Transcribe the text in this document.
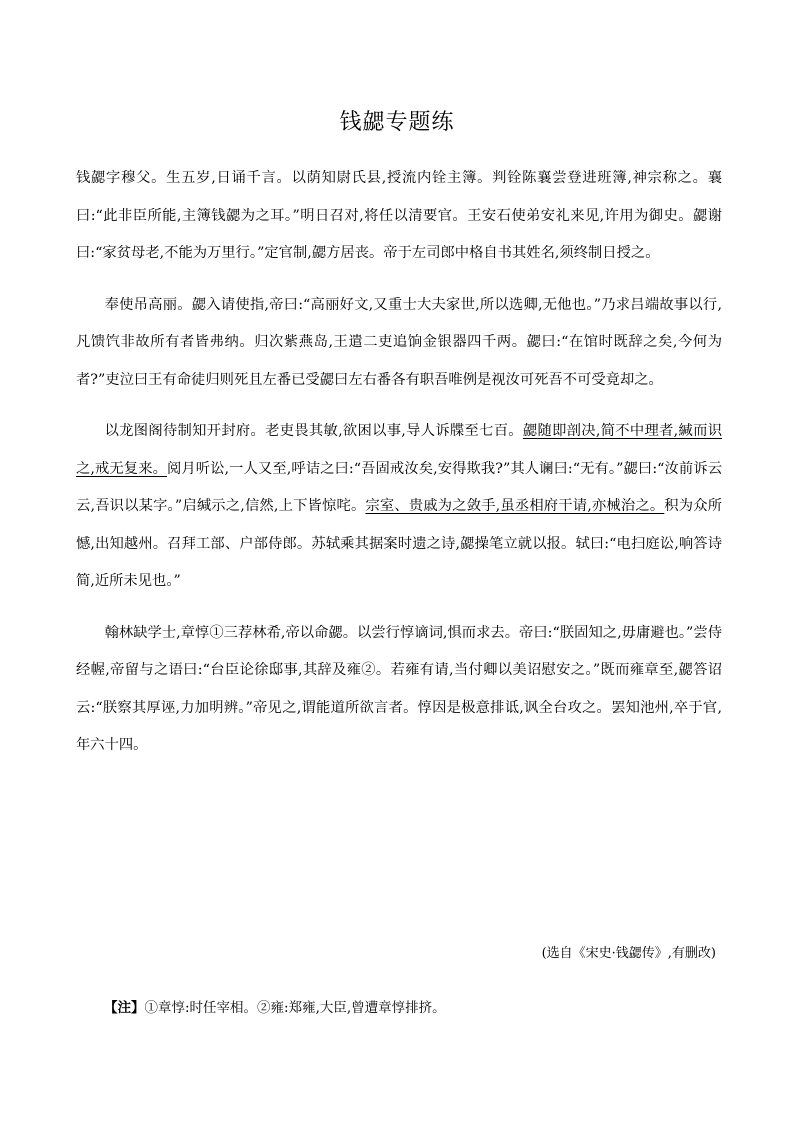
钱勰专题练

钱勰字穆父。生五岁,日诵千言。以荫知尉氏县,授流内铨主簿。判铨陈襄尝登进班簿,神宗称之。襄曰:“此非臣所能,主簿钱勰为之耳。”明日召对,将任以清要官。王安石使弟安礼来见,许用为御史。勰谢曰:“家贫母老,不能为万里行。”定官制,勰方居丧。帝于左司郎中格自书其姓名,须终制日授之。

奉使吊高丽。勰入请使指,帝曰:“高丽好文,又重士大夫家世,所以选卿,无他也。”乃求吕端故事以行,凡馈饩非故所有者皆弗纳。归次紫燕岛,王遣二吏追饷金银器四千两。勰曰:“在馆时既辞之矣,今何为者?”吏泣曰王有命徒归则死且左番已受勰曰左右番各有职吾唯例是视汝可死吾不可受竟却之。

以龙图阁待制知开封府。老吏畏其敏,欲困以事,导人诉牒至七百。勰随即剖决,简不中理者,緘而识之,戒无复来。阅月听讼,一人又至,呼诘之曰:“吾固戒汝矣,安得欺我?”其人谰曰:“无有。”勰曰:“汝前诉云云,吾识以某字。”启缄示之,信然,上下皆惊咤。宗室、贵戚为之敛手,虽丞相府干请,亦械治之。积为众所憾,出知越州。召拜工部、户部侍郎。苏轼乘其据案时遗之诗,勰操笔立就以报。轼曰:“电扫庭讼,响答诗简,近所未见也。”

翰林缺学士,章惇①三荐林希,帝以命勰。以尝行惇谪词,惧而求去。帝曰:“朕固知之,毋庸避也。”尝侍经幄,帝留与之语曰:“台臣论徐邸事,其辞及雍②。若雍有请,当付卿以美诏慰安之。”既而雍章至,勰答诏云:“朕察其厚诬,力加明辨。”帝见之,谓能道所欲言者。惇因是极意排诋,讽全台攻之。罢知池州,卒于官,年六十四。

(选自《宋史·钱勰传》,有删改)
【注】①章惇:时任宰相。②雍:郑雍,大臣,曾遭章惇排挤。
